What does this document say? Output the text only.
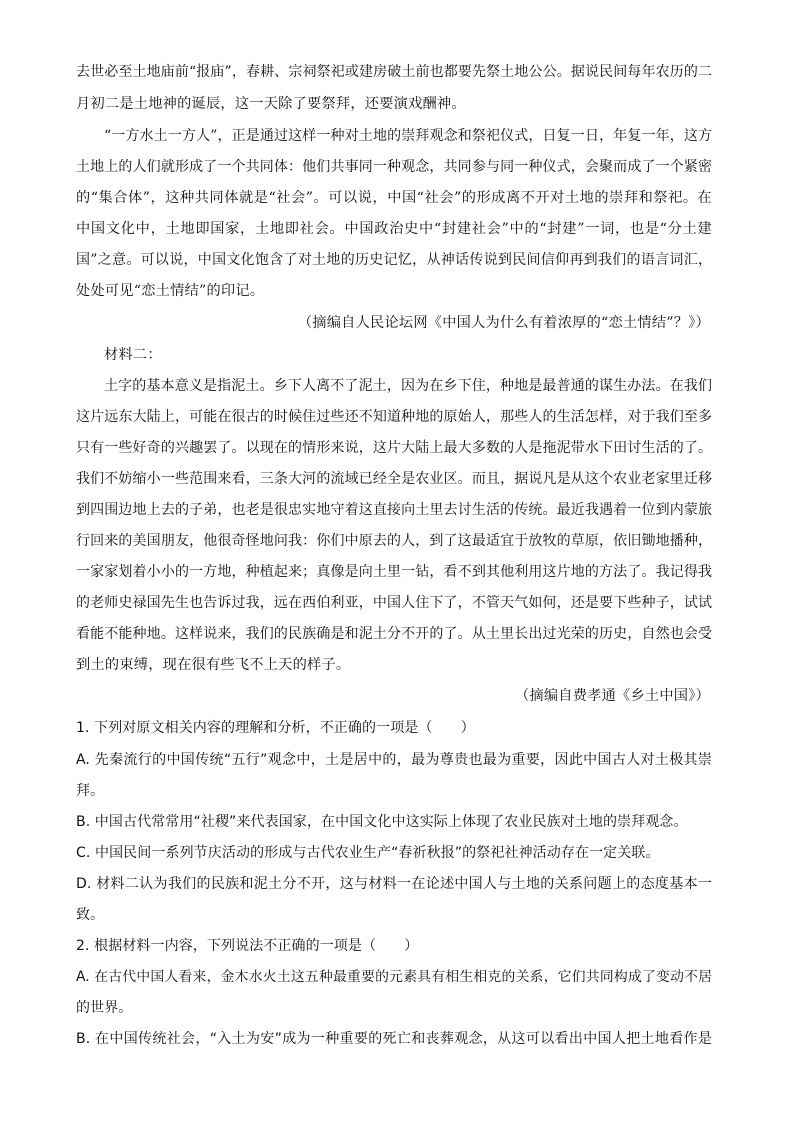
去世必至土地庙前“报庙”，春耕、宗祠祭祀或建房破土前也都要先祭土地公公。据说民间每年农历的二
月初二是土地神的诞辰，这一天除了要祭拜，还要演戏酬神。
“一方水土一方人”，正是通过这样一种对土地的崇拜观念和祭祀仪式，日复一日，年复一年，这方
土地上的人们就形成了一个共同体：他们共事同一种观念，共同参与同一种仪式，会聚而成了一个紧密
的“集合体”，这种共同体就是“社会”。可以说，中国“社会”的形成离不开对土地的崇拜和祭祀。在
中国文化中，土地即国家，土地即社会。中国政治史中“封建社会”中的“封建”一词，也是“分土建
国”之意。可以说，中国文化饱含了对土地的历史记忆，从神话传说到民间信仰再到我们的语言词汇，
处处可见“恋土情结”的印记。
（摘编自人民论坛网《中国人为什么有着浓厚的“恋土情结”？》）
材料二：
土字的基本意义是指泥土。乡下人离不了泥土，因为在乡下住，种地是最普通的谋生办法。在我们
这片远东大陆上，可能在很古的时候住过些还不知道种地的原始人，那些人的生活怎样，对于我们至多
只有一些好奇的兴趣罢了。以现在的情形来说，这片大陆上最大多数的人是拖泥带水下田讨生活的了。
我们不妨缩小一些范围来看，三条大河的流域已经全是农业区。而且，据说凡是从这个农业老家里迁移
到四围边地上去的子弟，也老是很忠实地守着这直接向土里去讨生活的传统。最近我遇着一位到内蒙旅
行回来的美国朋友，他很奇怪地问我：你们中原去的人，到了这最适宜于放牧的草原，依旧锄地播种，
一家家划着小小的一方地，种植起来；真像是向土里一钻，看不到其他利用这片地的方法了。我记得我
的老师史禄国先生也告诉过我，远在西伯利亚，中国人住下了，不管天气如何，还是要下些种子，试试
看能不能种地。这样说来，我们的民族确是和泥土分不开的了。从土里长出过光荣的历史，自然也会受
到土的束缚，现在很有些飞不上天的样子。
（摘编自费孝通《乡土中国》）
1. 下列对原文相关内容的理解和分析，不正确的一项是（　　）
A. 先秦流行的中国传统“五行”观念中，土是居中的，最为尊贵也最为重要，因此中国古人对土极其崇
拜。
B. 中国古代常常用“社稷”来代表国家，在中国文化中这实际上体现了农业民族对土地的崇拜观念。
C. 中国民间一系列节庆活动的形成与古代农业生产“春祈秋报”的祭祀社神活动存在一定关联。
D. 材料二认为我们的民族和泥土分不开，这与材料一在论述中国人与土地的关系问题上的态度基本一
致。
2. 根据材料一内容，下列说法不正确的一项是（　　）
A. 在古代中国人看来，金木水火土这五种最重要的元素具有相生相克的关系，它们共同构成了变动不居
的世界。
B. 在中国传统社会，“入土为安”成为一种重要的死亡和丧葬观念，从这可以看出中国人把土地看作是
